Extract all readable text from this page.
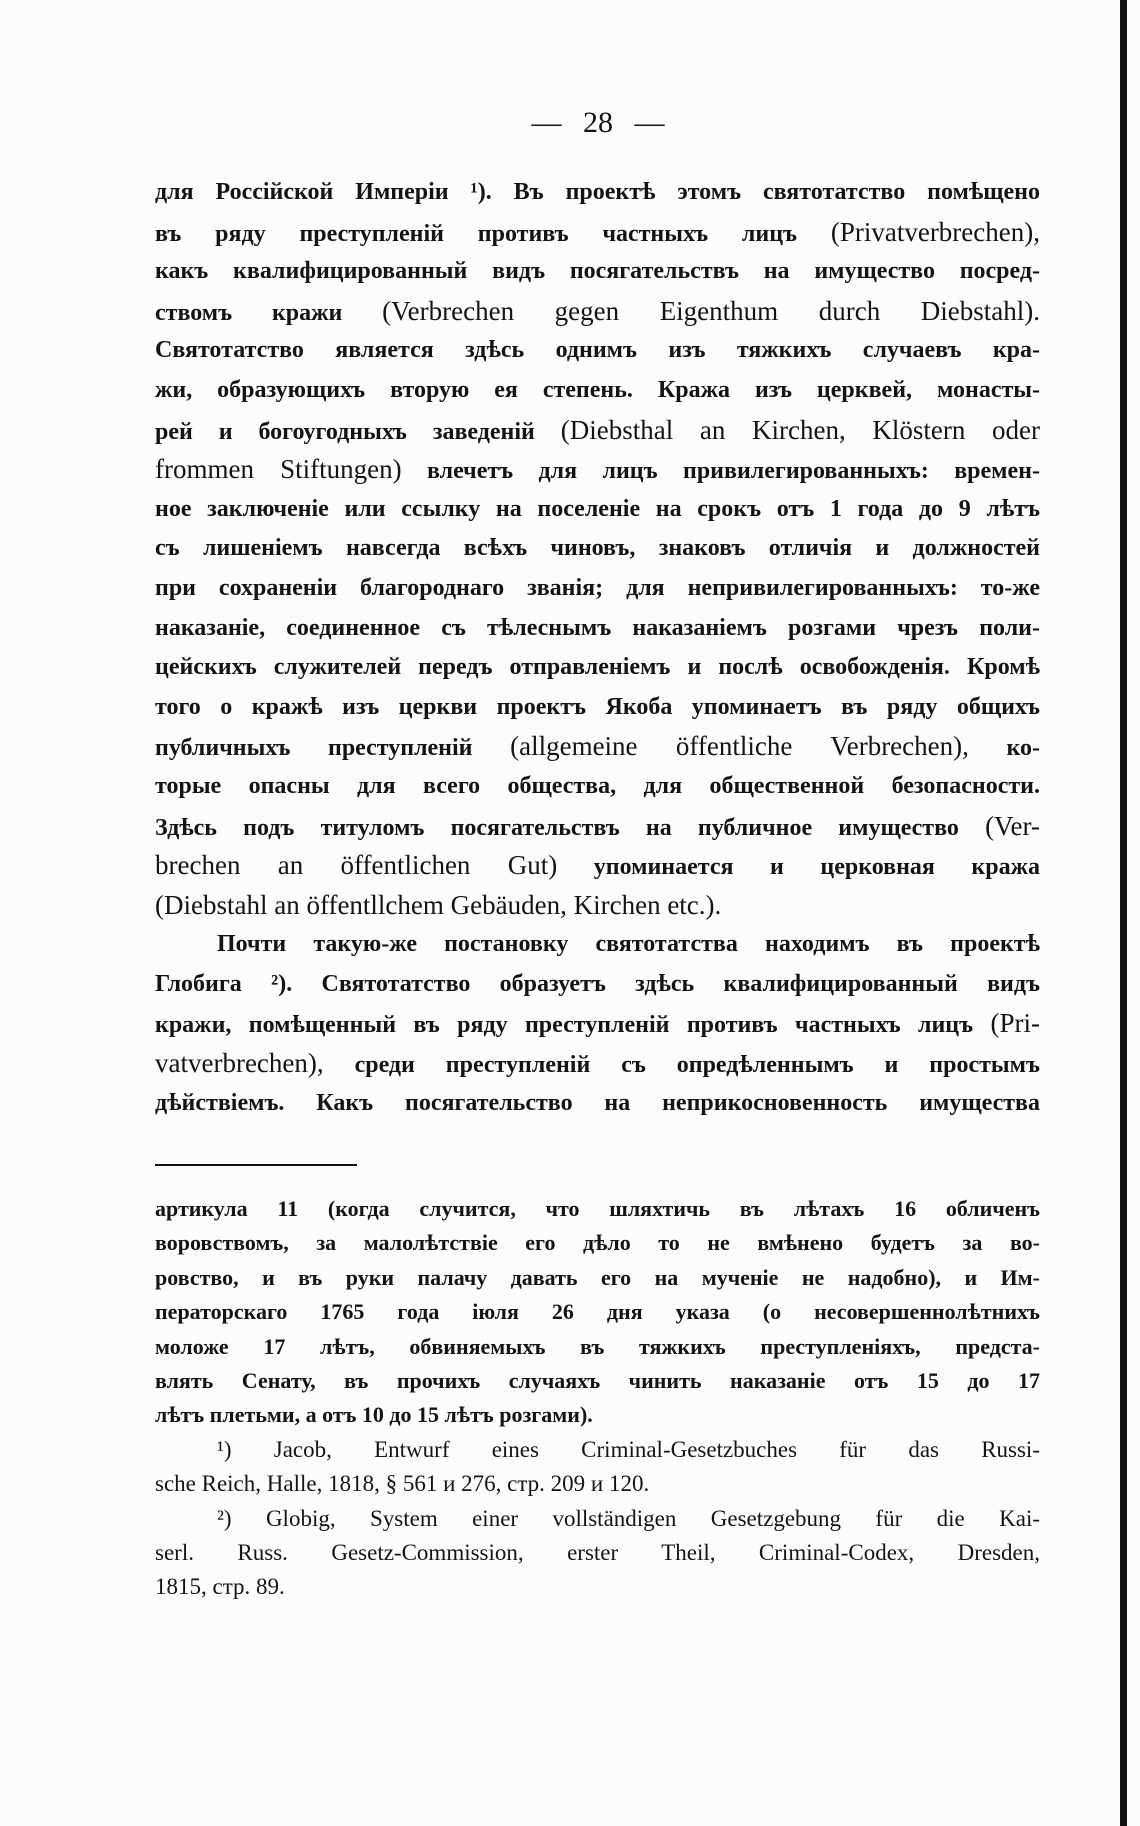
— 28 —
для Россійской Имперіи ¹). Въ проектѣ этомъ святотатство помѣщено
въ ряду преступленій противъ частныхъ лицъ (Privatverbrechen),
какъ квалифицированный видъ посягательствъ на имущество посред-
ствомъ кражи (Verbrechen gegen Eigenthum durch Diebstahl).
Святотатство является здѣсь однимъ изъ тяжкихъ случаевъ кра-
жи, образующихъ вторую ея степень. Кража изъ церквей, монасты-
рей и богоугодныхъ заведеній (Diebsthal an Kirchen, Klöstern oder
frommen Stiftungen) влечетъ для лицъ привилегированныхъ: времен-
ное заключеніе или ссылку на поселеніе на срокъ отъ 1 года до 9 лѣтъ
съ лишеніемъ навсегда всѣхъ чиновъ, знаковъ отличія и должностей
при сохраненіи благороднаго званія; для непривилегированныхъ: то-же
наказаніе, соединенное съ тѣлеснымъ наказаніемъ розгами чрезъ поли-
цейскихъ служителей передъ отправленіемъ и послѣ освобожденія. Кромѣ
того о кражѣ изъ церкви проектъ Якоба упоминаетъ въ ряду общихъ
публичныхъ преступленій (allgemeine öffentliche Verbrechen), ко-
торые опасны для всего общества, для общественной безопасности.
Здѣсь подъ титуломъ посягательствъ на публичное имущество (Ver-
brechen an öffentlichen Gut) упоминается и церковная кража
(Diebstahl an öffentllchem Gebäuden, Kirchen etc.).
Почти такую-же постановку святотатства находимъ въ проектѣ
Глобига ²). Святотатство образуетъ здѣсь квалифицированный видъ
кражи, помѣщенный въ ряду преступленій противъ частныхъ лицъ (Pri-
vatverbrechen), среди преступленій съ опредѣленнымъ и простымъ
дѣйствіемъ. Какъ посягательство на неприкосновенность имущества
артикула 11 (когда случится, что шляхтичь въ лѣтахъ 16 обличенъ
воровствомъ, за малолѣтствіе его дѣло то не вмѣнено будетъ за во-
ровство, и въ руки палачу давать его на мученіе не надобно), и Им-
ператорскаго 1765 года іюля 26 дня указа (о несовершеннолѣтнихъ
моложе 17 лѣтъ, обвиняемыхъ въ тяжкихъ преступленіяхъ, предста-
влять Сенату, въ прочихъ случаяхъ чинить наказаніе отъ 15 до 17
лѣтъ плетьми, а отъ 10 до 15 лѣтъ розгами).
¹) Jacob, Entwurf eines Criminal-Gesetzbuches für das Russi-
sche Reich, Halle, 1818, § 561 и 276, стр. 209 и 120.
²) Globig, System einer vollständigen Gesetzgebung für die Kai-
serl. Russ. Gesetz-Commission, erster Theil, Criminal-Codex, Dresden,
1815, стр. 89.
